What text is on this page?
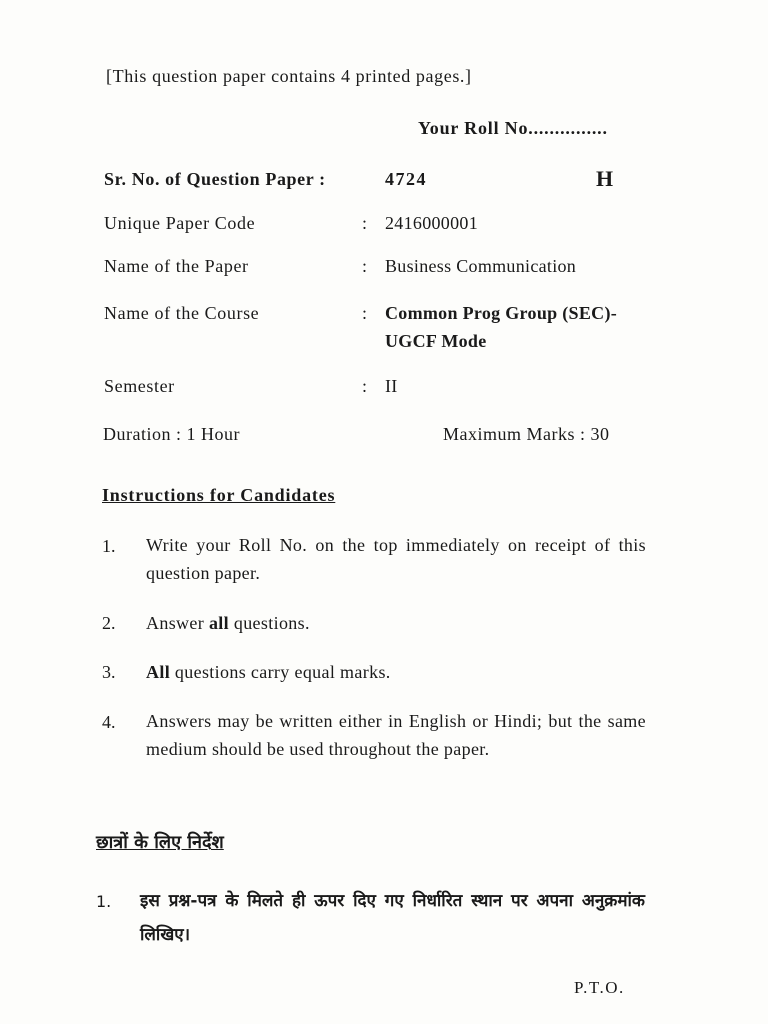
[This question paper contains 4 printed pages.]
Your Roll No...............
Sr. No. of Question Paper :	4724	H
Unique Paper Code	: 2416000001
Name of the Paper	: Business Communication
Name of the Course	: Common Prog Group (SEC)-
UGCF Mode
Semester	: II
Duration : 1 Hour	Maximum Marks : 30
Instructions for Candidates
1. Write your Roll No. on the top immediately on receipt of this question paper.
2. Answer all questions.
3. All questions carry equal marks.
4. Answers may be written either in English or Hindi; but the same medium should be used throughout the paper.
छात्रों के लिए निर्देश
1. इस प्रश्न-पत्र के मिलते ही ऊपर दिए गए निर्धारित स्थान पर अपना अनुक्रमांक लिखिए।
P.T.O.
